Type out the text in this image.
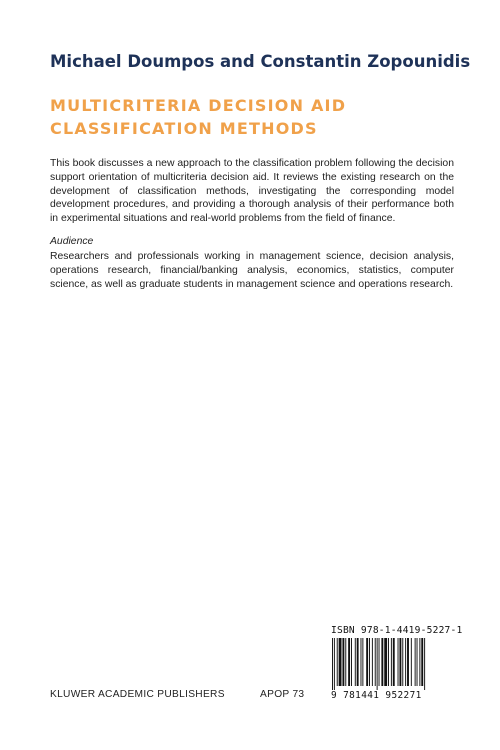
Michael Doumpos and Constantin Zopounidis
MULTICRITERIA DECISION AID
CLASSIFICATION METHODS
This book discusses a new approach to the classification problem following the decision support orientation of multicriteria decision aid. It reviews the existing research on the development of classification methods, investigating the corresponding model development procedures, and providing a thorough analysis of their performance both in experimental situations and real-world problems from the field of finance.
Audience
Researchers and professionals working in management science, decision analysis, operations research, financial/banking analysis, economics, statistics, computer science, as well as graduate students in management science and operations research.
ISBN 978-1-4419-5227-1
9 781441 952271
KLUWER ACADEMIC PUBLISHERS	APOP 73
